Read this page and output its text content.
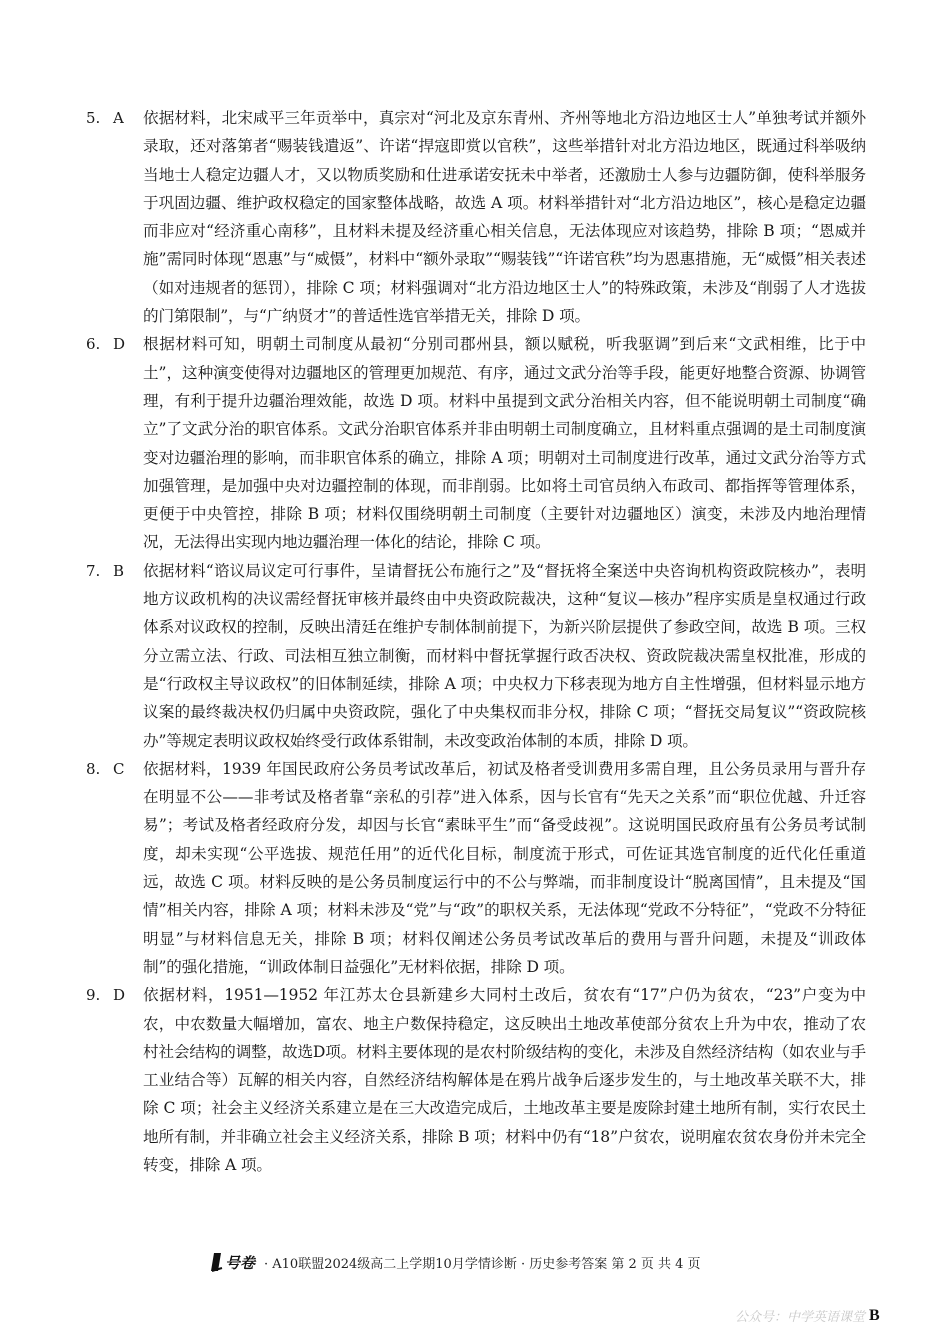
5. A	依据材料，北宋咸平三年贡举中，真宗对“河北及京东青州、齐州等地北方沿边地区士人”单独考试并额外录取，还对落第者“赐装钱遣返”、许诺“捍寇即赏以官秩”，这些举措针对北方沿边地区，既通过科举吸纳当地士人稳定边疆人才，又以物质奖励和仕进承诺安抚未中举者，还激励士人参与边疆防御，使科举服务于巩固边疆、维护政权稳定的国家整体战略，故选 A 项。材料举措针对“北方沿边地区”，核心是稳定边疆而非应对“经济重心南移”，且材料未提及经济重心相关信息，无法体现应对该趋势，排除 B 项；“恩威并施”需同时体现“恩惠”与“威慑”，材料中“额外录取”“赐装钱”“许诺官秩”均为恩惠措施，无“威慑”相关表述（如对违规者的惩罚），排除 C 项；材料强调对“北方沿边地区士人”的特殊政策，未涉及“削弱了人才选拔的门第限制”，与“广纳贤才”的普适性选官举措无关，排除 D 项。

6. D	根据材料可知，明朝土司制度从最初“分别司郡州县，额以赋税，听我驱调”到后来“文武相维，比于中土”，这种演变使得对边疆地区的管理更加规范、有序，通过文武分治等手段，能更好地整合资源、协调管理，有利于提升边疆治理效能，故选 D 项。材料中虽提到文武分治相关内容，但不能说明朝土司制度“确立”了文武分治的职官体系。文武分治职官体系并非由明朝土司制度确立，且材料重点强调的是土司制度演变对边疆治理的影响，而非职官体系的确立，排除 A 项；明朝对土司制度进行改革，通过文武分治等方式加强管理，是加强中央对边疆控制的体现，而非削弱。比如将土司官员纳入布政司、都指挥等管理体系，更便于中央管控，排除 B 项；材料仅围绕明朝土司制度（主要针对边疆地区）演变，未涉及内地治理情况，无法得出实现内地边疆治理一体化的结论，排除 C 项。

7. B	依据材料“谘议局议定可行事件，呈请督抚公布施行之”及“督抚将全案送中央咨询机构资政院核办”，表明地方议政机构的决议需经督抚审核并最终由中央资政院裁决，这种“复议—核办”程序实质是皇权通过行政体系对议政权的控制，反映出清廷在维护专制体制前提下，为新兴阶层提供了参政空间，故选 B 项。三权分立需立法、行政、司法相互独立制衡，而材料中督抚掌握行政否决权、资政院裁决需皇权批准，形成的是“行政权主导议政权”的旧体制延续，排除 A 项；中央权力下移表现为地方自主性增强，但材料显示地方议案的最终裁决权仍归属中央资政院，强化了中央集权而非分权，排除 C 项；“督抚交局复议”“资政院核办”等规定表明议政权始终受行政体系钳制，未改变政治体制的本质，排除 D 项。

8. C	依据材料，1939 年国民政府公务员考试改革后，初试及格者受训费用多需自理，且公务员录用与晋升存在明显不公——非考试及格者靠“亲私的引荐”进入体系，因与长官有“先天之关系”而“职位优越、升迁容易”；考试及格者经政府分发，却因与长官“素昧平生”而“备受歧视”。这说明国民政府虽有公务员考试制度，却未实现“公平选拔、规范任用”的近代化目标，制度流于形式，可佐证其选官制度的近代化任重道远，故选 C 项。材料反映的是公务员制度运行中的不公与弊端，而非制度设计“脱离国情”，且未提及“国情”相关内容，排除 A 项；材料未涉及“党”与“政”的职权关系，无法体现“党政不分特征”，“党政不分特征明显”与材料信息无关，排除 B 项；材料仅阐述公务员考试改革后的费用与晋升问题，未提及“训政体制”的强化措施，“训政体制日益强化”无材料依据，排除 D 项。

9. D	依据材料，1951—1952 年江苏太仓县新建乡大同村土改后，贫农有“17”户仍为贫农，“23”户变为中农，中农数量大幅增加，富农、地主户数保持稳定，这反映出土地改革使部分贫农上升为中农，推动了农村社会结构的调整，故选D项。材料主要体现的是农村阶级结构的变化，未涉及自然经济结构（如农业与手工业结合等）瓦解的相关内容，自然经济结构解体是在鸦片战争后逐步发生的，与土地改革关联不大，排除 C 项；社会主义经济关系建立是在三大改造完成后，土地改革主要是废除封建土地所有制，实行农民土地所有制，并非确立社会主义经济关系，排除 B 项；材料中仍有“18”户贫农，说明雇农贫农身份并未完全转变，排除 A 项。

号卷 · A10联盟2024级高二上学期10月学情诊断 · 历史参考答案 第 2 页 共 4 页
公众号：中学英语课堂 B
